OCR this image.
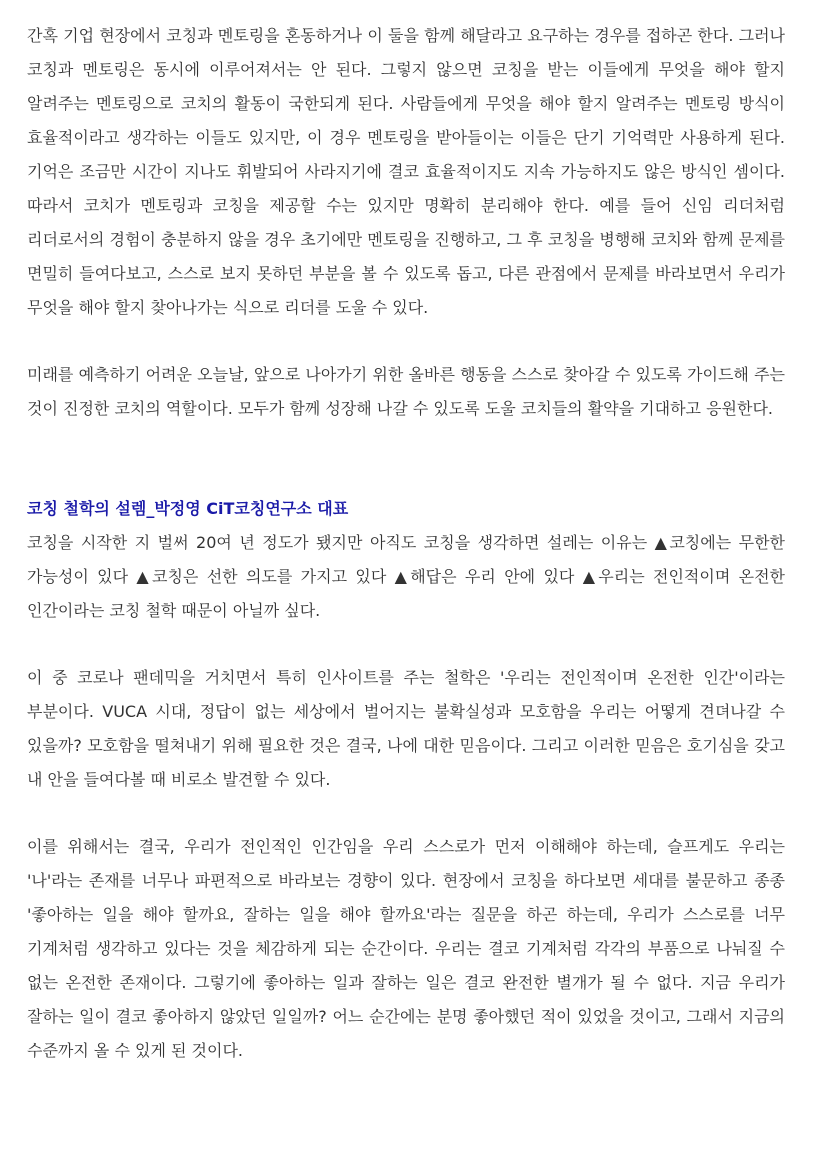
간혹 기업 현장에서 코칭과 멘토링을 혼동하거나 이 둘을 함께 해달라고 요구하는 경우를 접하곤 한다. 그러나 코칭과 멘토링은 동시에 이루어져서는 안 된다. 그렇지 않으면 코칭을 받는 이들에게 무엇을 해야 할지 알려주는 멘토링으로 코치의 활동이 국한되게 된다. 사람들에게 무엇을 해야 할지 알려주는 멘토링 방식이 효율적이라고 생각하는 이들도 있지만, 이 경우 멘토링을 받아들이는 이들은 단기 기억력만 사용하게 된다. 기억은 조금만 시간이 지나도 휘발되어 사라지기에 결코 효율적이지도 지속 가능하지도 않은 방식인 셈이다. 따라서 코치가 멘토링과 코칭을 제공할 수는 있지만 명확히 분리해야 한다. 예를 들어 신임 리더처럼 리더로서의 경험이 충분하지 않을 경우 초기에만 멘토링을 진행하고, 그 후 코칭을 병행해 코치와 함께 문제를 면밀히 들여다보고, 스스로 보지 못하던 부분을 볼 수 있도록 돕고, 다른 관점에서 문제를 바라보면서 우리가 무엇을 해야 할지 찾아나가는 식으로 리더를 도울 수 있다.

미래를 예측하기 어려운 오늘날, 앞으로 나아가기 위한 올바른 행동을 스스로 찾아갈 수 있도록 가이드해 주는 것이 진정한 코치의 역할이다. 모두가 함께 성장해 나갈 수 있도록 도울 코치들의 활약을 기대하고 응원한다.

코칭 철학의 설렘_박정영 CiT코칭연구소 대표

코칭을 시작한 지 벌써 20여 년 정도가 됐지만 아직도 코칭을 생각하면 설레는 이유는 ▲코칭에는 무한한 가능성이 있다 ▲코칭은 선한 의도를 가지고 있다 ▲해답은 우리 안에 있다 ▲우리는 전인적이며 온전한 인간이라는 코칭 철학 때문이 아닐까 싶다.

이 중 코로나 팬데믹을 거치면서 특히 인사이트를 주는 철학은 '우리는 전인적이며 온전한 인간'이라는 부분이다. VUCA 시대, 정답이 없는 세상에서 벌어지는 불확실성과 모호함을 우리는 어떻게 견뎌나갈 수 있을까? 모호함을 떨쳐내기 위해 필요한 것은 결국, 나에 대한 믿음이다. 그리고 이러한 믿음은 호기심을 갖고 내 안을 들여다볼 때 비로소 발견할 수 있다.

이를 위해서는 결국, 우리가 전인적인 인간임을 우리 스스로가 먼저 이해해야 하는데, 슬프게도 우리는 '나'라는 존재를 너무나 파편적으로 바라보는 경향이 있다. 현장에서 코칭을 하다보면 세대를 불문하고 종종 '좋아하는 일을 해야 할까요, 잘하는 일을 해야 할까요'라는 질문을 하곤 하는데, 우리가 스스로를 너무 기계처럼 생각하고 있다는 것을 체감하게 되는 순간이다. 우리는 결코 기계처럼 각각의 부품으로 나눠질 수 없는 온전한 존재이다. 그렇기에 좋아하는 일과 잘하는 일은 결코 완전한 별개가 될 수 없다. 지금 우리가 잘하는 일이 결코 좋아하지 않았던 일일까? 어느 순간에는 분명 좋아했던 적이 있었을 것이고, 그래서 지금의 수준까지 올 수 있게 된 것이다.
